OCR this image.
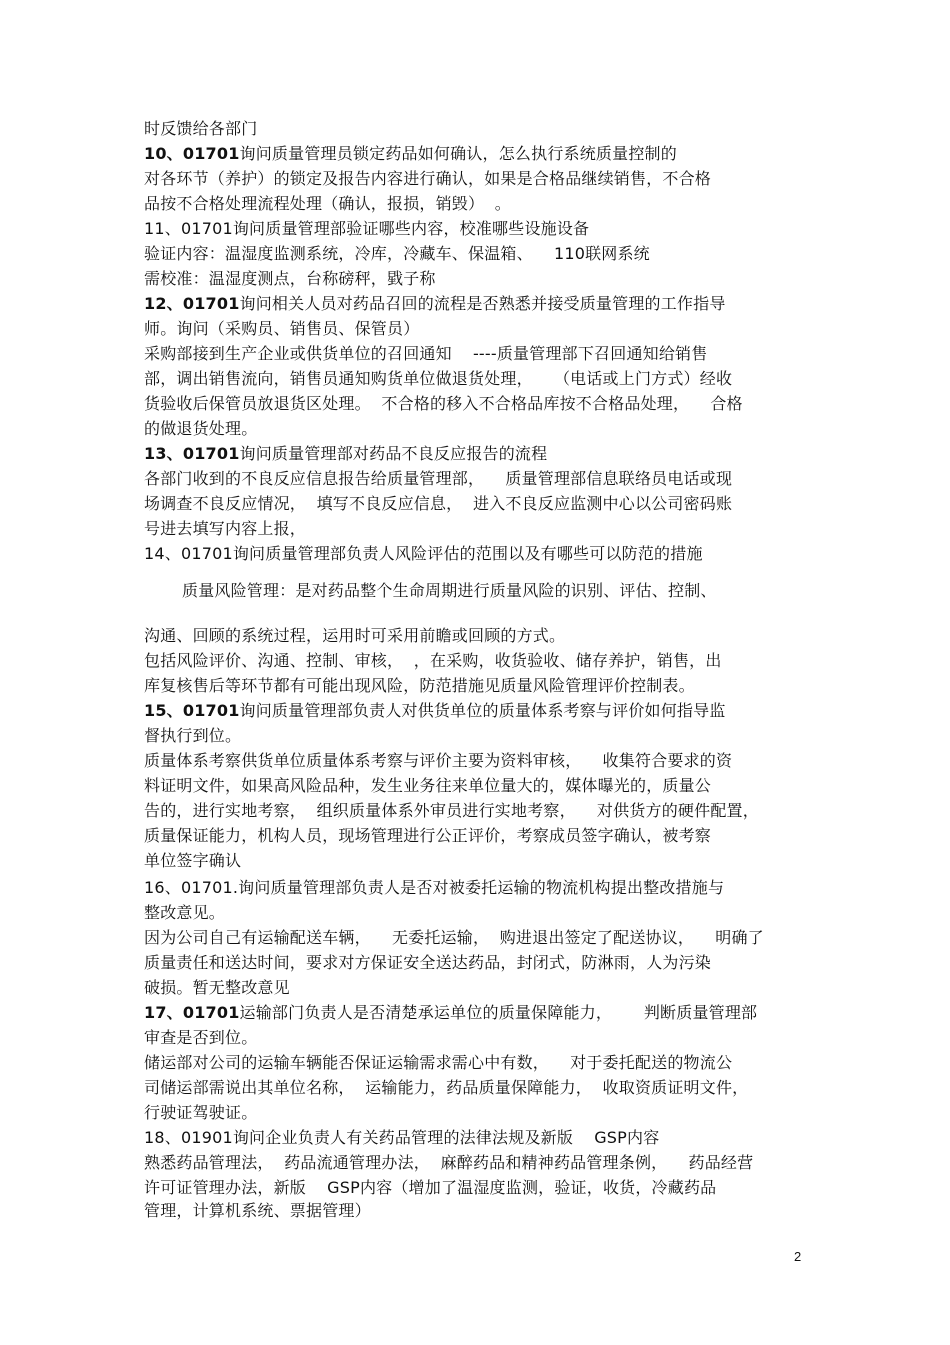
时反馈给各部门
10、01701询问质量管理员锁定药品如何确认，怎么执行系统质量控制的
对各环节（养护）的锁定及报告内容进行确认，如果是合格品继续销售，不合格
品按不合格处理流程处理（确认，报损，销毁）  。
11、01701询问质量管理部验证哪些内容，校准哪些设施设备
验证内容：温湿度监测系统，冷库，冷藏车、保温箱、    110联网系统
需校准：温湿度测点，台称磅秤，戥子称
12、01701询问相关人员对药品召回的流程是否熟悉并接受质量管理的工作指导
师。询问（采购员、销售员、保管员）
采购部接到生产企业或供货单位的召回通知    ----质量管理部下召回通知给销售
部，调出销售流向，销售员通知购货单位做退货处理，    （电话或上门方式）经收
货验收后保管员放退货区处理。  不合格的移入不合格品库按不合格品处理，    合格
的做退货处理。
13、01701询问质量管理部对药品不良反应报告的流程
各部门收到的不良反应信息报告给质量管理部，    质量管理部信息联络员电话或现
场调查不良反应情况，  填写不良反应信息，  进入不良反应监测中心以公司密码账
号进去填写内容上报，
14、01701询问质量管理部负责人风险评估的范围以及有哪些可以防范的措施
质量风险管理：是对药品整个生命周期进行质量风险的识别、评估、控制、
沟通、回顾的系统过程，运用时可采用前瞻或回顾的方式。
包括风险评价、沟通、控制、审核，  ，在采购，收货验收、储存养护，销售，出
库复核售后等环节都有可能出现风险，防范措施见质量风险管理评价控制表。
15、01701询问质量管理部负责人对供货单位的质量体系考察与评价如何指导监
督执行到位。
质量体系考察供货单位质量体系考察与评价主要为资料审核，    收集符合要求的资
料证明文件，如果高风险品种，发生业务往来单位量大的，媒体曝光的，质量公
告的，进行实地考察，  组织质量体系外审员进行实地考察，    对供货方的硬件配置，
质量保证能力，机构人员，现场管理进行公正评价，考察成员签字确认，被考察
单位签字确认
16、01701.询问质量管理部负责人是否对被委托运输的物流机构提出整改措施与
整改意见。
因为公司自己有运输配送车辆，    无委托运输，  购进退出签定了配送协议，    明确了
质量责任和送达时间，要求对方保证安全送达药品，封闭式，防淋雨，人为污染
破损。暂无整改意见
17、01701运输部门负责人是否清楚承运单位的质量保障能力，      判断质量管理部
审查是否到位。
储运部对公司的运输车辆能否保证运输需求需心中有数，    对于委托配送的物流公
司储运部需说出其单位名称，  运输能力，药品质量保障能力，  收取资质证明文件，
行驶证驾驶证。
18、01901询问企业负责人有关药品管理的法律法规及新版    GSP内容
熟悉药品管理法，  药品流通管理办法，  麻醉药品和精神药品管理条例，    药品经营
许可证管理办法，新版    GSP内容（增加了温湿度监测，验证，收货，冷藏药品
管理，计算机系统、票据管理）
2
